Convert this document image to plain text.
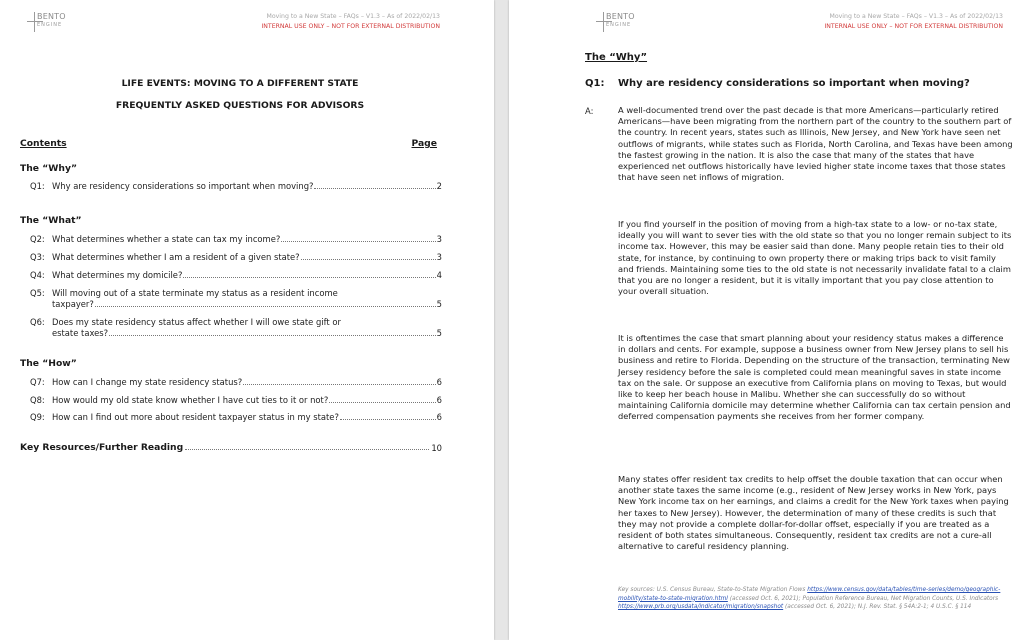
BENTO
ENGINE
Moving to a New State – FAQs – V1.3 – As of 2022/02/13
INTERNAL USE ONLY – NOT FOR EXTERNAL DISTRIBUTION
LIFE EVENTS: MOVING TO A DIFFERENT STATE
FREQUENTLY ASKED QUESTIONS FOR ADVISORS
Contents	Page
The “Why”
Q1: Why are residency considerations so important when moving?	2
The “What”
Q2: What determines whether a state can tax my income?	3
Q3: What determines whether I am a resident of a given state?	3
Q4: What determines my domicile?	4
Q5: Will moving out of a state terminate my status as a resident income
taxpayer?	5
Q6: Does my state residency status affect whether I will owe state gift or
estate taxes?	5
The “How”
Q7: How can I change my state residency status?	6
Q8: How would my old state know whether I have cut ties to it or not?	6
Q9: How can I find out more about resident taxpayer status in my state?	6
Key Resources/Further Reading	10
BENTO
ENGINE
Moving to a New State – FAQs – V1.3 – As of 2022/02/13
INTERNAL USE ONLY – NOT FOR EXTERNAL DISTRIBUTION
The “Why”
Q1: Why are residency considerations so important when moving?
A:	A well-documented trend over the past decade is that more Americans—particularly retired Americans—have been migrating from the northern part of the country to the southern part of the country. In recent years, states such as Illinois, New Jersey, and New York have seen net outflows of migrants, while states such as Florida, North Carolina, and Texas have been among the fastest growing in the nation. It is also the case that many of the states that have experienced net outflows historically have levied higher state income taxes that those states that have seen net inflows of migration.

If you find yourself in the position of moving from a high-tax state to a low- or no-tax state, ideally you will want to sever ties with the old state so that you no longer remain subject to its income tax. However, this may be easier said than done. Many people retain ties to their old state, for instance, by continuing to own property there or making trips back to visit family and friends. Maintaining some ties to the old state is not necessarily invalidate fatal to a claim that you are no longer a resident, but it is vitally important that you pay close attention to your overall situation.

It is oftentimes the case that smart planning about your residency status makes a difference in dollars and cents. For example, suppose a business owner from New Jersey plans to sell his business and retire to Florida. Depending on the structure of the transaction, terminating New Jersey residency before the sale is completed could mean meaningful saves in state income tax on the sale. Or suppose an executive from California plans on moving to Texas, but would like to keep her beach house in Malibu. Whether she can successfully do so without maintaining California domicile may determine whether California can tax certain pension and deferred compensation payments she receives from her former company.

Many states offer resident tax credits to help offset the double taxation that can occur when another state taxes the same income (e.g., resident of New Jersey works in New York, pays New York income tax on her earnings, and claims a credit for the New York taxes when paying her taxes to New Jersey). However, the determination of many of these credits is such that they may not provide a complete dollar-for-dollar offset, especially if you are treated as a resident of both states simultaneous. Consequently, resident tax credits are not a cure-all alternative to careful residency planning.

Key sources: U.S. Census Bureau, State-to-State Migration Flows https://www.census.gov/data/tables/time-series/demo/geographic-mobility/state-to-state-migration.html (accessed Oct. 6, 2021); Population Reference Bureau, Net Migration Counts, U.S. Indicators https://www.prb.org/usdata/indicator/migration/snapshot (accessed Oct. 6, 2021); N.J. Rev. Stat. § 54A:2-1; 4 U.S.C. § 114
